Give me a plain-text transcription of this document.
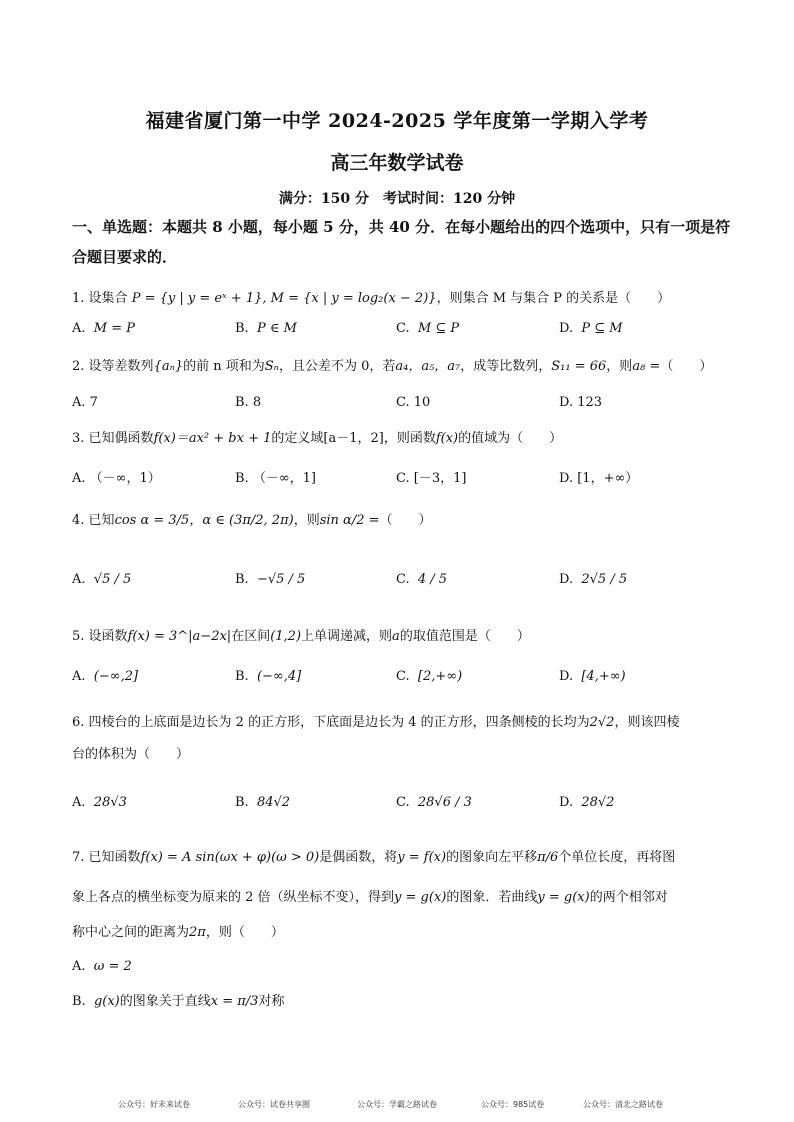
福建省厦门第一中学 2024-2025 学年度第一学期入学考
高三年数学试卷
满分：150 分　考试时间：120 分钟
一、单选题：本题共 8 小题，每小题 5 分，共 40 分．在每小题给出的四个选项中，只有一项是符合题目要求的．
1. 设集合 P = {y | y = eˣ + 1}, M = {x | y = log₂(x − 2)}，则集合 M 与集合 P 的关系是（　　）
A. M = P	B. P ∈ M	C. M ⊆ P	D. P ⊆ M
2. 设等差数列{aₙ}的前 n 项和为Sₙ，且公差不为 0，若a₄，a₅，a₇，成等比数列，S₁₁ = 66，则a₈ =（　　）
A. 7	B. 8	C. 10	D. 123
3. 已知偶函数f(x)＝ax² + bx + 1的定义域[a－1，2]，则函数f(x)的值域为（　　）
A. （－∞，1）	B. （－∞，1]	C. [－3，1]	D. [1，+∞）
4. 已知cos α = 3/5，α ∈ (3π/2, 2π)，则sin α/2 =（　　）
A. √5 / 5	B. −√5 / 5	C. 4 / 5	D. 2√5 / 5
5. 设函数f(x) = 3^|a−2x|在区间(1,2)上单调递减，则a的取值范围是（　　）
A. (−∞,2]	B. (−∞,4]	C. [2,+∞)	D. [4,+∞)
6. 四棱台的上底面是边长为 2 的正方形，下底面是边长为 4 的正方形，四条侧棱的长均为2√2，则该四棱
台的体积为（　　）
A. 28√3	B. 84√2	C. 28√6 / 3	D. 28√2
7. 已知函数f(x) = A sin(ωx + φ)(ω > 0)是偶函数，将y = f(x)的图象向左平移π/6个单位长度，再将图
象上各点的横坐标变为原来的 2 倍（纵坐标不变），得到y = g(x)的图象．若曲线y = g(x)的两个相邻对
称中心之间的距离为2π，则（　　）
A. ω = 2
B. g(x)的图象关于直线x = π/3对称
公众号：好未来试卷	公众号：试卷共享圈	公众号：学霸之路试卷	公众号：985试卷	公众号：清北之路试卷
